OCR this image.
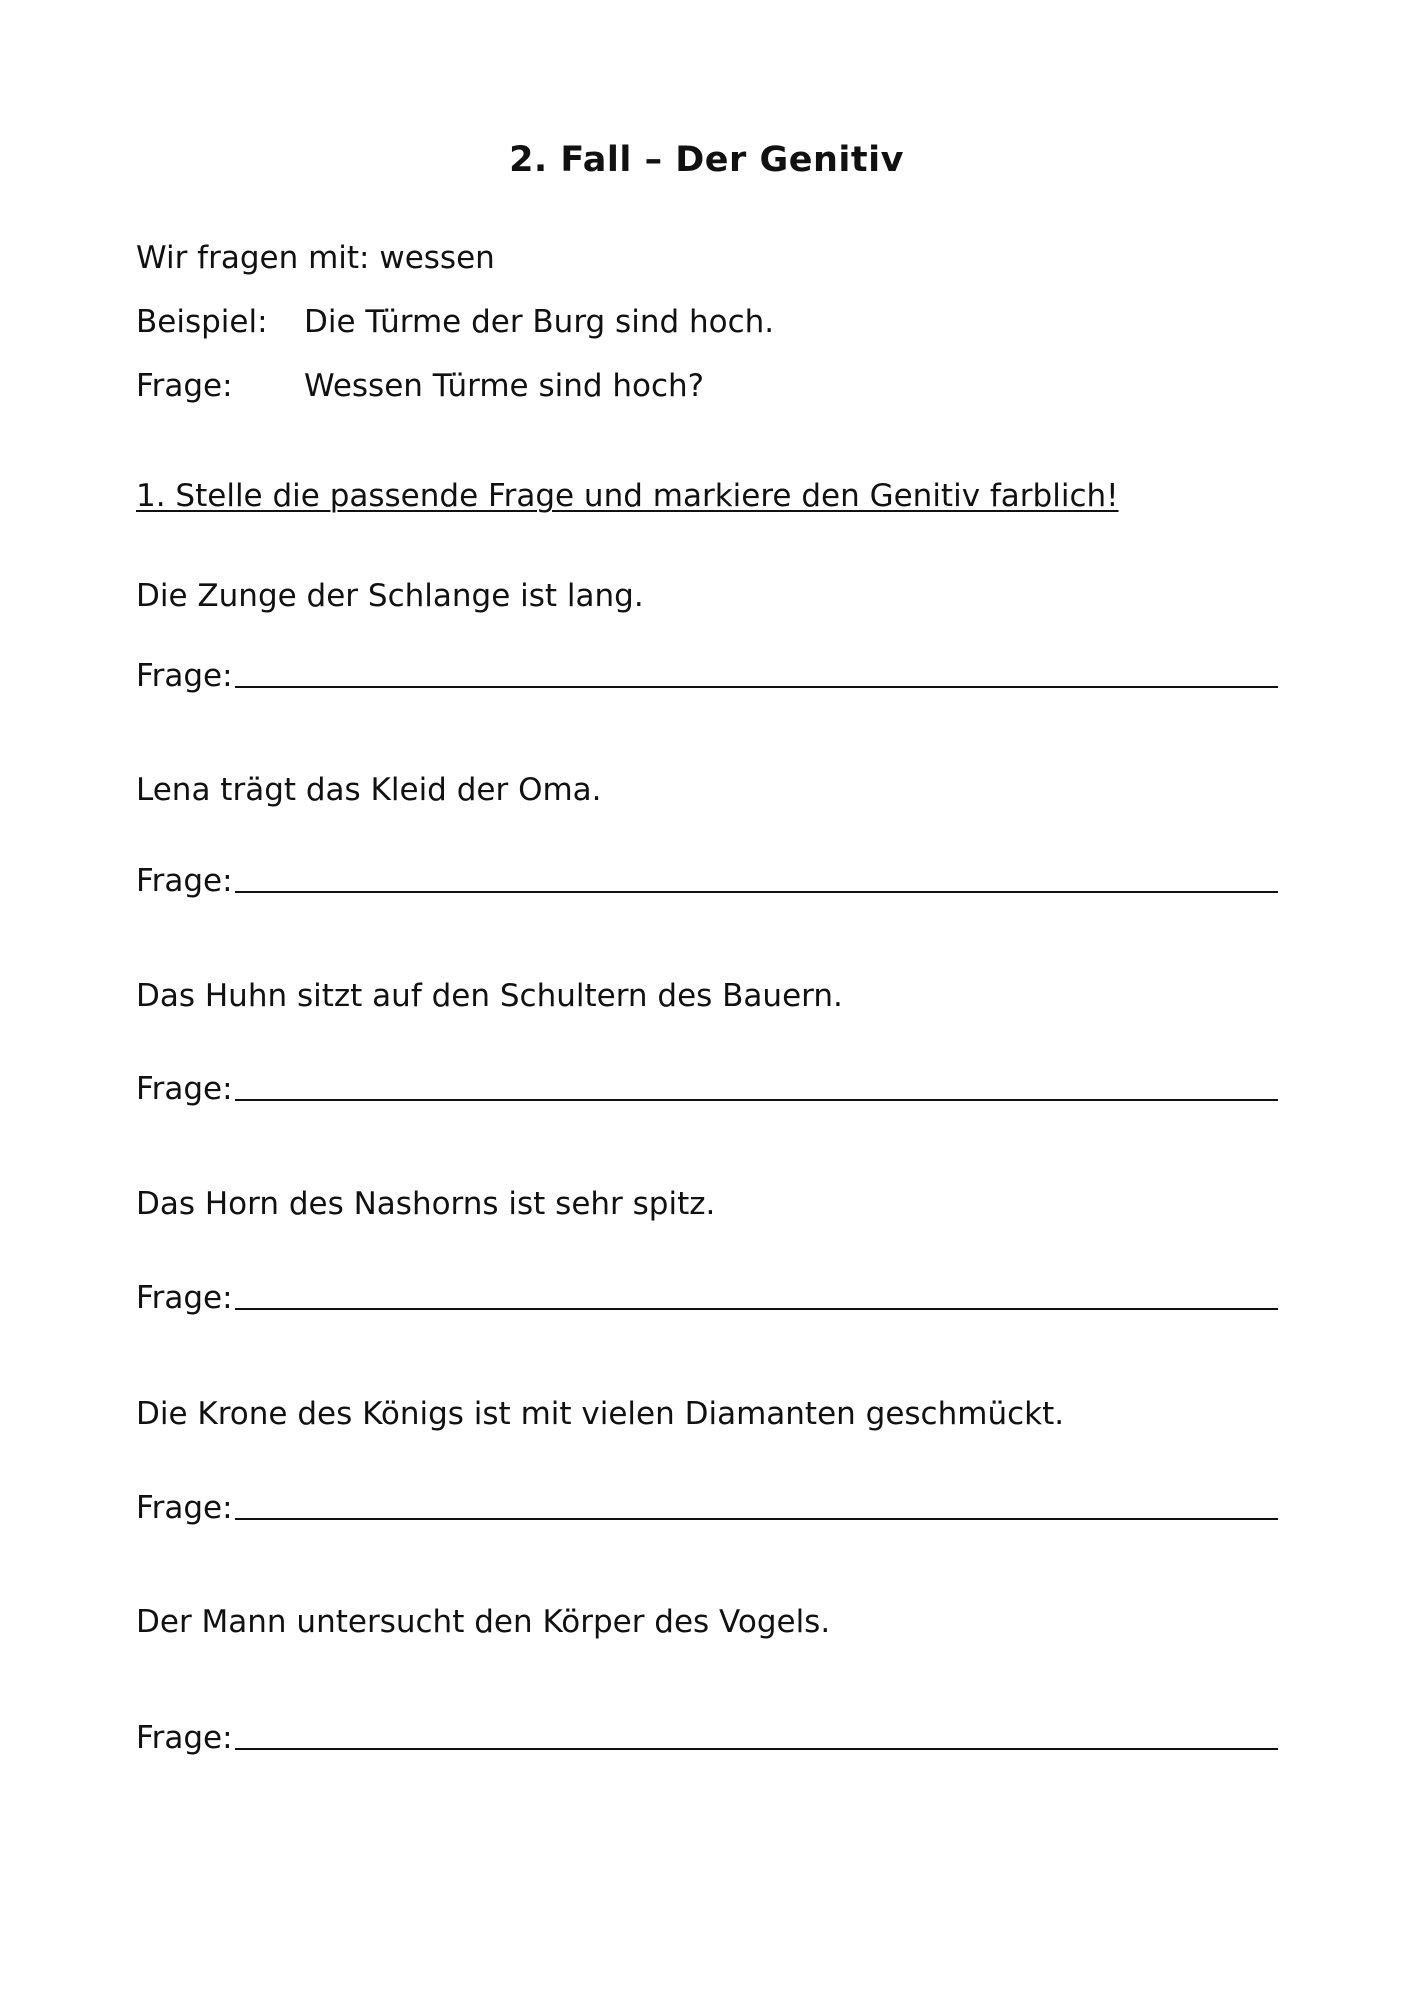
2. Fall – Der Genitiv
Wir fragen mit: wessen
Beispiel: Die Türme der Burg sind hoch.
Frage: Wessen Türme sind hoch?
1. Stelle die passende Frage und markiere den Genitiv farblich!
Die Zunge der Schlange ist lang.
Frage:
Lena trägt das Kleid der Oma.
Frage:
Das Huhn sitzt auf den Schultern des Bauern.
Frage:
Das Horn des Nashorns ist sehr spitz.
Frage:
Die Krone des Königs ist mit vielen Diamanten geschmückt.
Frage:
Der Mann untersucht den Körper des Vogels.
Frage:
